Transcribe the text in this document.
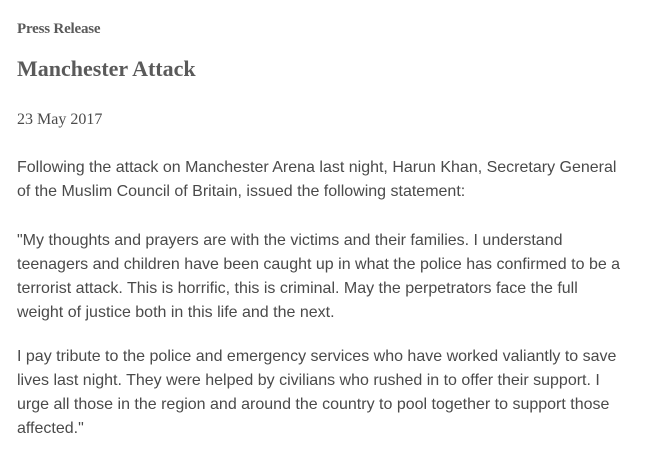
Press Release
Manchester Attack
23 May 2017

Following the attack on Manchester Arena last night, Harun Khan, Secretary General
of the Muslim Council of Britain, issued the following statement:

"My thoughts and prayers are with the victims and their families. I understand
teenagers and children have been caught up in what the police has confirmed to be a
terrorist attack. This is horrific, this is criminal. May the perpetrators face the full
weight of justice both in this life and the next.

I pay tribute to the police and emergency services who have worked valiantly to save
lives last night. They were helped by civilians who rushed in to offer their support. I
urge all those in the region and around the country to pool together to support those
affected."
